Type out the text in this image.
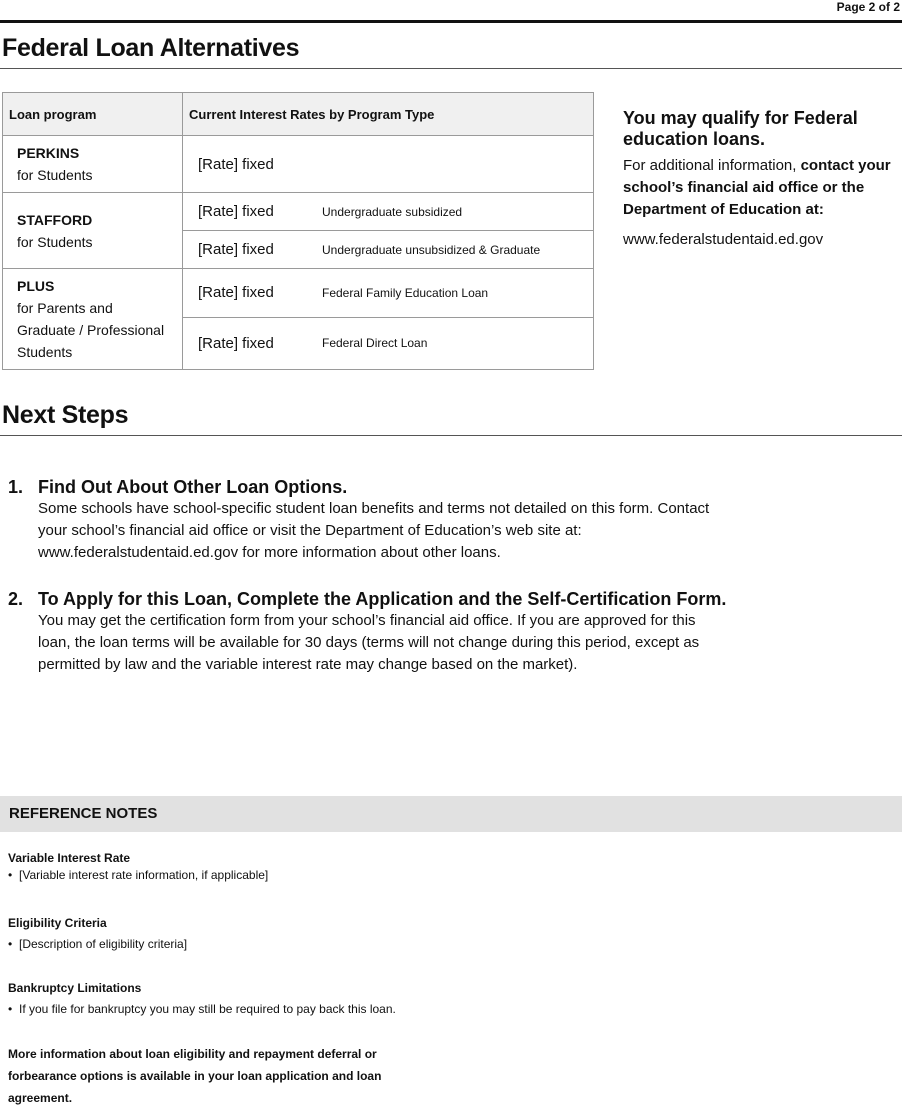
Page 2 of 2
Federal Loan Alternatives
Loan program	Current Interest Rates by Program Type
PERKINS
for Students	[Rate] fixed

STAFFORD
for Students	[Rate] fixed Undergraduate subsidized

	[Rate] fixed Undergraduate unsubsidized & Graduate

PLUS
for Parents and
Graduate / Professional
Students	[Rate] fixed Federal Family Education Loan

	[Rate] fixed Federal Direct Loan

You may qualify for Federal education loans.

For additional information, contact your school’s financial aid office or the Department of Education at:

www.federalstudentaid.ed.gov
Next Steps
1. Find Out About Other Loan Options.
Some schools have school-specific student loan benefits and terms not detailed on this form. Contact
your school’s financial aid office or visit the Department of Education’s web site at:
www.federalstudentaid.ed.gov for more information about other loans.
2. To Apply for this Loan, Complete the Application and the Self-Certification Form.
You may get the certification form from your school’s financial aid office. If you are approved for this
loan, the loan terms will be available for 30 days (terms will not change during this period, except as
permitted by law and the variable interest rate may change based on the market).
REFERENCE NOTES
Variable Interest Rate
• [Variable interest rate information, if applicable]
Eligibility Criteria
• [Description of eligibility criteria]
Bankruptcy Limitations
• If you file for bankruptcy you may still be required to pay back this loan.
More information about loan eligibility and repayment deferral or
forbearance options is available in your loan application and loan
agreement.
